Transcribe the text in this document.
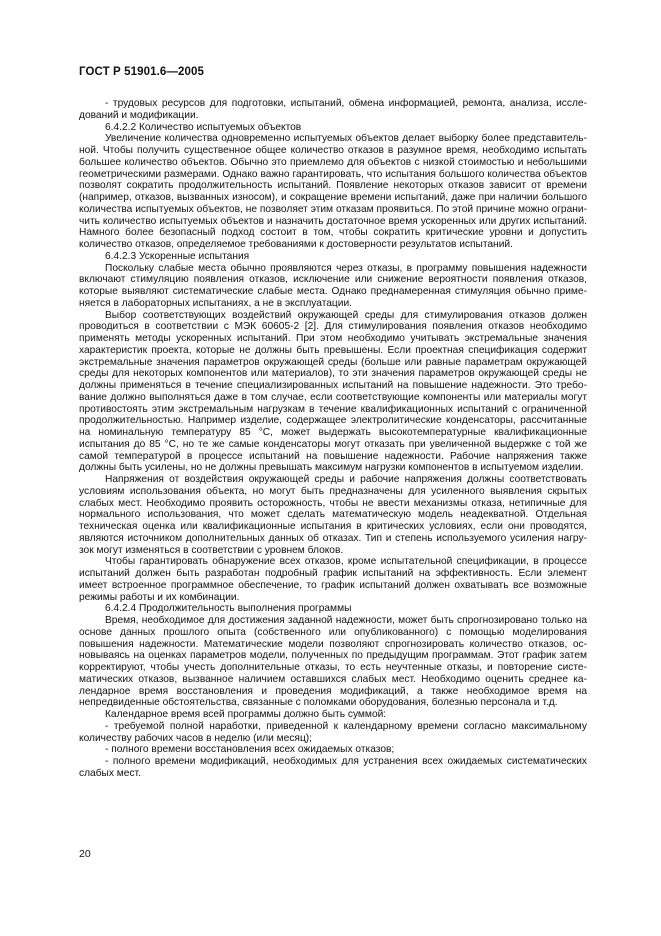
ГОСТ Р 51901.6—2005

- трудовых ресурсов для подготовки, испытаний, обмена информацией, ремонта, анализа, исследований и модификации.

6.4.2.2 Количество испытуемых объектов

Увеличение количества одновременно испытуемых объектов делает выборку более представительной. Чтобы получить существенное общее количество отказов в разумное время, необходимо испытать большее количество объектов. Обычно это приемлемо для объектов с низкой стоимостью и небольшими геометрическими размерами. Однако важно гарантировать, что испытания большого количества объектов позволят сократить продолжительность испытаний. Появление некоторых отказов зависит от времени (например, отказов, вызванных износом), и сокращение времени испытаний, даже при наличии большого количества испытуемых объектов, не позволяет этим отказам проявиться. По этой причине можно ограничить количество испытуемых объектов и назначить достаточное время ускоренных или других испытаний. Намного более безопасный подход состоит в том, чтобы сократить критические уровни и допустить количество отказов, определяемое требованиями к достоверности результатов испытаний.

6.4.2.3 Ускоренные испытания

Поскольку слабые места обычно проявляются через отказы, в программу повышения надежности включают стимуляцию появления отказов, исключение или снижение вероятности появления отказов, которые выявляют систематические слабые места. Однако преднамеренная стимуляция обычно применяется в лабораторных испытаниях, а не в эксплуатации.

Выбор соответствующих воздействий окружающей среды для стимулирования отказов должен проводиться в соответствии с МЭК 60605-2 [2]. Для стимулирования появления отказов необходимо применять методы ускоренных испытаний. При этом необходимо учитывать экстремальные значения характеристик проекта, которые не должны быть превышены. Если проектная спецификация содержит экстремальные значения параметров окружающей среды (больше или равные параметрам окружающей среды для некоторых компонентов или материалов), то эти значения параметров окружающей среды не должны применяться в течение специализированных испытаний на повышение надежности. Это требование должно выполняться даже в том случае, если соответствующие компоненты или материалы могут противостоять этим экстремальным нагрузкам в течение квалификационных испытаний с ограниченной продолжительностью. Например изделие, содержащее электролитические конденсаторы, рассчитанные на номинальную температуру 85 °С, может выдержать высокотемпературные квалификационные испытания до 85 °С, но те же самые конденсаторы могут отказать при увеличенной выдержке с той же самой температурой в процессе испытаний на повышение надежности. Рабочие напряжения также должны быть усилены, но не должны превышать максимум нагрузки компонентов в испытуемом изделии.

Напряжения от воздействия окружающей среды и рабочие напряжения должны соответствовать условиям использования объекта, но могут быть предназначены для усиленного выявления скрытых слабых мест. Необходимо проявить осторожность, чтобы не ввести механизмы отказа, нетипичные для нормального использования, что может сделать математическую модель неадекватной. Отдельная техническая оценка или квалификационные испытания в критических условиях, если они проводятся, являются источником дополнительных данных об отказах. Тип и степень используемого усиления нагрузок могут изменяться в соответствии с уровнем блоков.

Чтобы гарантировать обнаружение всех отказов, кроме испытательной спецификации, в процессе испытаний должен быть разработан подробный график испытаний на эффективность. Если элемент имеет встроенное программное обеспечение, то график испытаний должен охватывать все возможные режимы работы и их комбинации.

6.4.2.4 Продолжительность выполнения программы

Время, необходимое для достижения заданной надежности, может быть спрогнозировано только на основе данных прошлого опыта (собственного или опубликованного) с помощью моделирования повышения надежности. Математические модели позволяют спрогнозировать количество отказов, основываясь на оценках параметров модели, полученных по предыдущим программам. Этот график затем корректируют, чтобы учесть дополнительные отказы, то есть неучтенные отказы, и повторение систематических отказов, вызванное наличием оставшихся слабых мест. Необходимо оценить среднее календарное время восстановления и проведения модификаций, а также необходимое время на непредвиденные обстоятельства, связанные с поломками оборудования, болезнью персонала и т.д.

Календарное время всей программы должно быть суммой:

- требуемой полной наработки, приведенной к календарному времени согласно максимальному количеству рабочих часов в неделю (или месяц);

- полного времени восстановления всех ожидаемых отказов;

- полного времени модификаций, необходимых для устранения всех ожидаемых систематических слабых мест.

20
